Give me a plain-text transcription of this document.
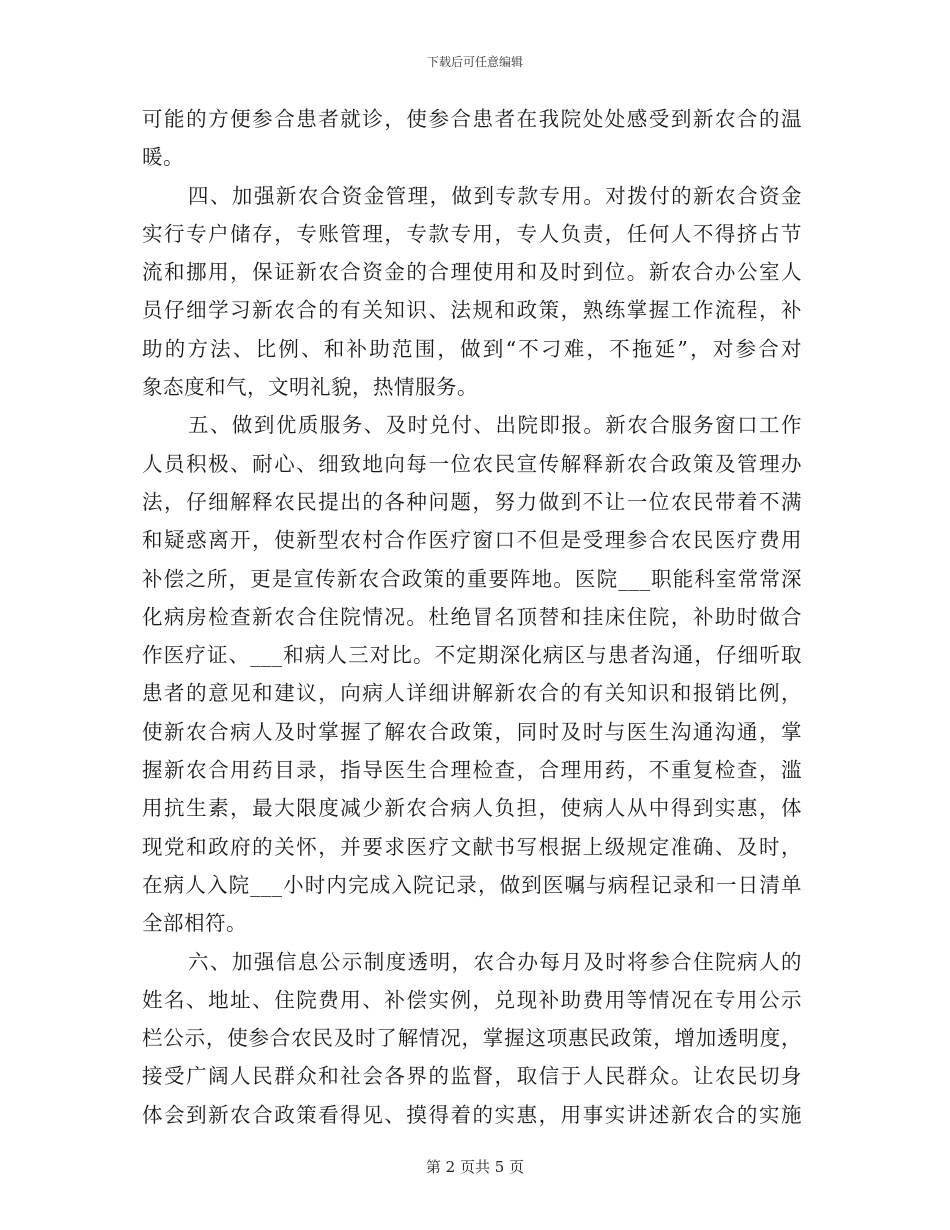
下载后可任意编辑
可能的方便参合患者就诊，使参合患者在我院处处感受到新农合的温
暖。
四、加强新农合资金管理，做到专款专用。对拨付的新农合资金
实行专户储存，专账管理，专款专用，专人负责，任何人不得挤占节
流和挪用，保证新农合资金的合理使用和及时到位。新农合办公室人
员仔细学习新农合的有关知识、法规和政策，熟练掌握工作流程，补
助的方法、比例、和补助范围，做到“不刁难，不拖延”，对参合对
象态度和气，文明礼貌，热情服务。
五、做到优质服务、及时兑付、出院即报。新农合服务窗口工作
人员积极、耐心、细致地向每一位农民宣传解释新农合政策及管理办
法，仔细解释农民提出的各种问题，努力做到不让一位农民带着不满
和疑惑离开，使新型农村合作医疗窗口不但是受理参合农民医疗费用
补偿之所，更是宣传新农合政策的重要阵地。医院___职能科室常常深
化病房检查新农合住院情况。杜绝冒名顶替和挂床住院，补助时做合
作医疗证、___和病人三对比。不定期深化病区与患者沟通，仔细听取
患者的意见和建议，向病人详细讲解新农合的有关知识和报销比例，
使新农合病人及时掌握了解农合政策，同时及时与医生沟通沟通，掌
握新农合用药目录，指导医生合理检查，合理用药，不重复检查，滥
用抗生素，最大限度减少新农合病人负担，使病人从中得到实惠，体
现党和政府的关怀，并要求医疗文献书写根据上级规定准确、及时，
在病人入院___小时内完成入院记录，做到医嘱与病程记录和一日清单
全部相符。
六、加强信息公示制度透明，农合办每月及时将参合住院病人的
姓名、地址、住院费用、补偿实例，兑现补助费用等情况在专用公示
栏公示，使参合农民及时了解情况，掌握这项惠民政策，增加透明度，
接受广阔人民群众和社会各界的监督，取信于人民群众。让农民切身
体会到新农合政策看得见、摸得着的实惠，用事实讲述新农合的实施
第 2 页共 5 页
